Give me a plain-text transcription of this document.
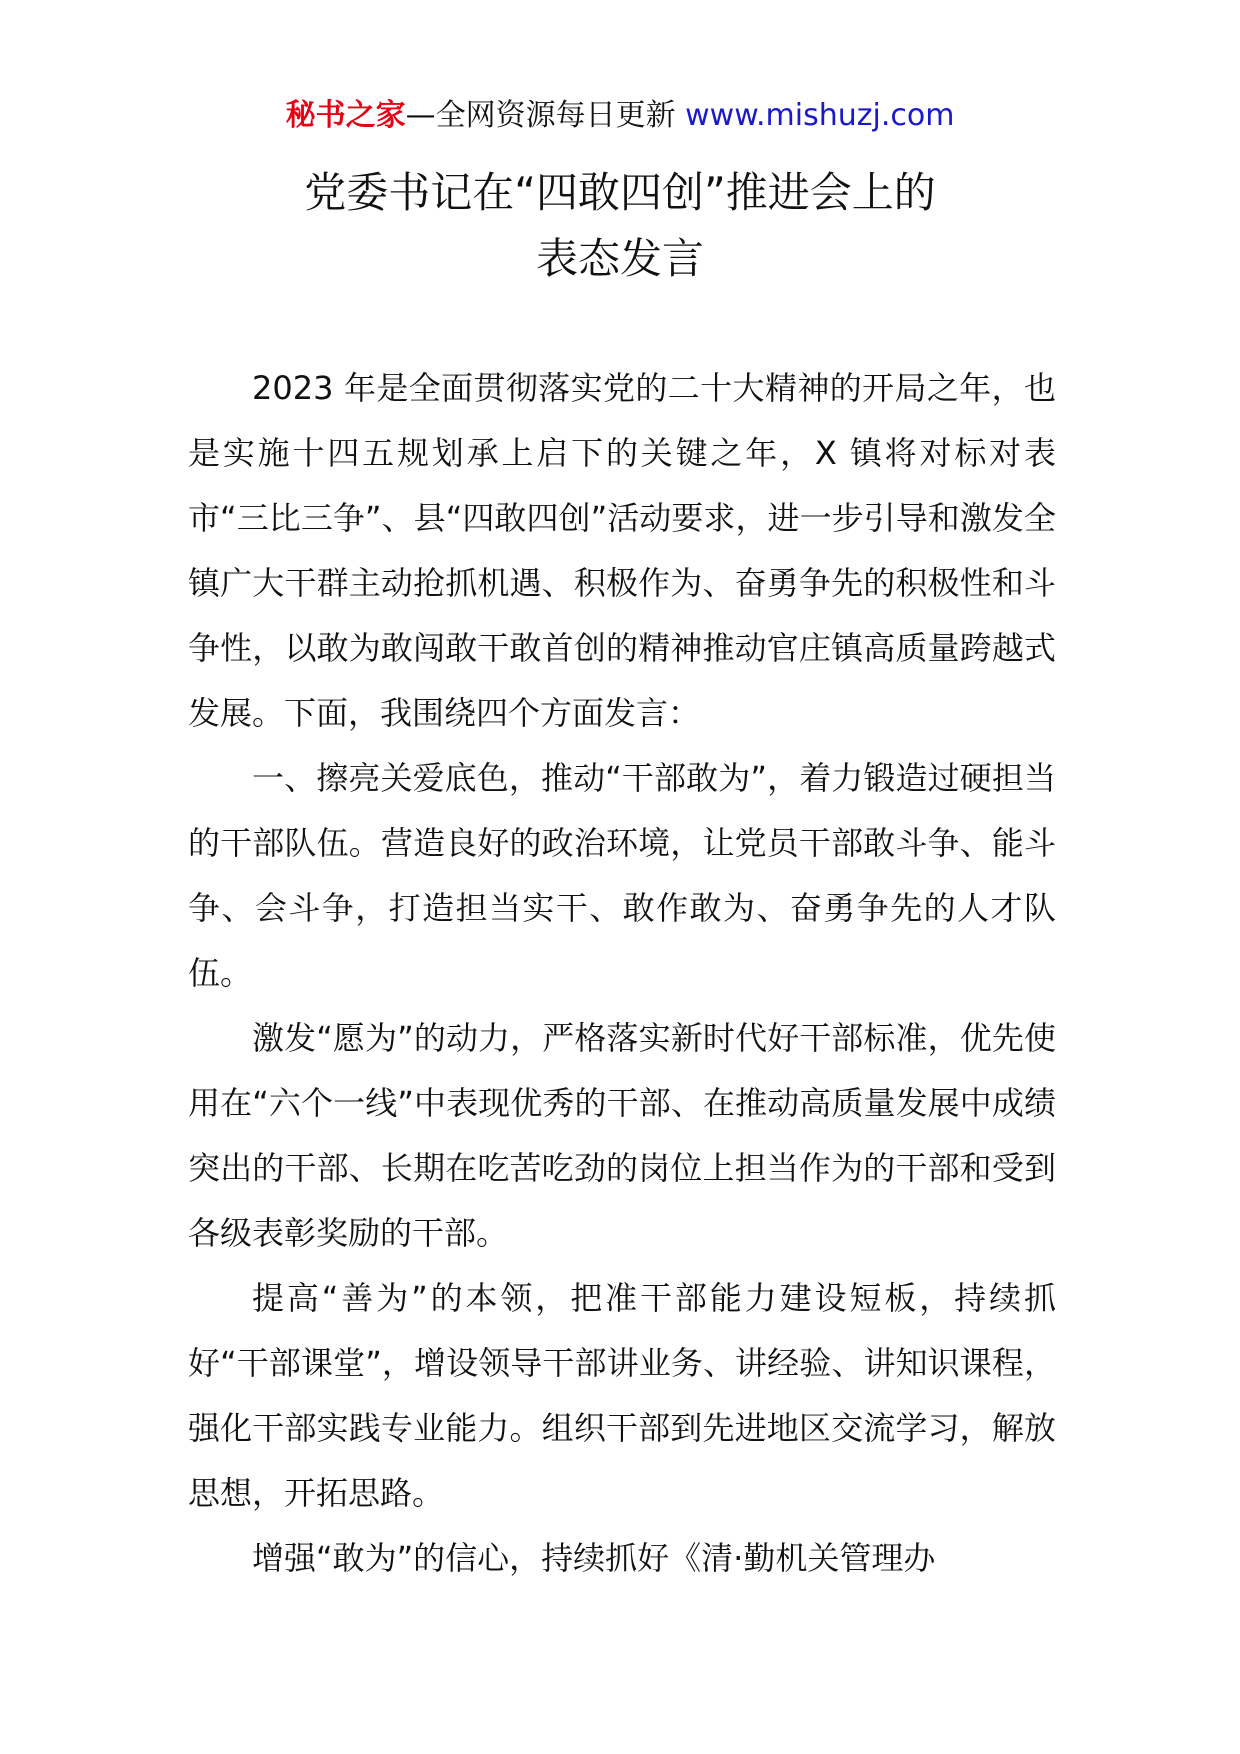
秘书之家—全网资源每日更新 www.mishuzj.com
党委书记在“四敢四创”推进会上的
表态发言

2023 年是全面贯彻落实党的二十大精神的开局之年，也是实施十四五规划承上启下的关键之年，X 镇将对标对表市“三比三争”、县“四敢四创”活动要求，进一步引导和激发全镇广大干群主动抢抓机遇、积极作为、奋勇争先的积极性和斗争性，以敢为敢闯敢干敢首创的精神推动官庄镇高质量跨越式发展。下面，我围绕四个方面发言：

一、擦亮关爱底色，推动“干部敢为”，着力锻造过硬担当的干部队伍。营造良好的政治环境，让党员干部敢斗争、能斗争、会斗争，打造担当实干、敢作敢为、奋勇争先的人才队伍。

激发“愿为”的动力，严格落实新时代好干部标准，优先使用在“六个一线”中表现优秀的干部、在推动高质量发展中成绩突出的干部、长期在吃苦吃劲的岗位上担当作为的干部和受到各级表彰奖励的干部。

提高“善为”的本领，把准干部能力建设短板，持续抓好“干部课堂”，增设领导干部讲业务、讲经验、讲知识课程，强化干部实践专业能力。组织干部到先进地区交流学习，解放思想，开拓思路。

增强“敢为”的信心，持续抓好《清·勤机关管理办
